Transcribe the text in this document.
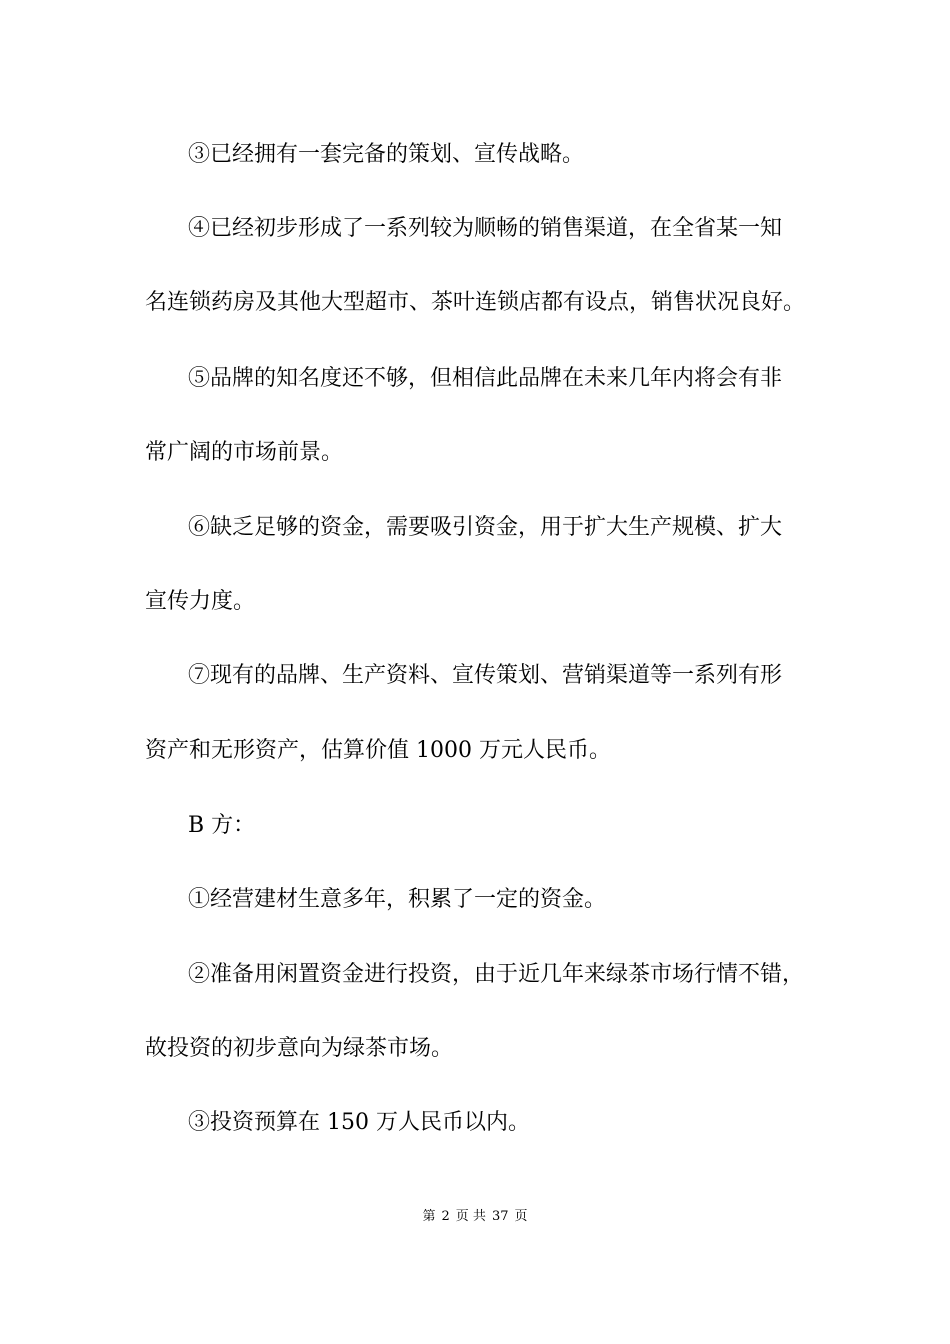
③已经拥有一套完备的策划、宣传战略。
④已经初步形成了一系列较为顺畅的销售渠道，在全省某一知
名连锁药房及其他大型超市、茶叶连锁店都有设点，销售状况良好。
⑤品牌的知名度还不够，但相信此品牌在未来几年内将会有非
常广阔的市场前景。
⑥缺乏足够的资金，需要吸引资金，用于扩大生产规模、扩大
宣传力度。
⑦现有的品牌、生产资料、宣传策划、营销渠道等一系列有形
资产和无形资产，估算价值 1000 万元人民币。
B 方：
①经营建材生意多年，积累了一定的资金。
②准备用闲置资金进行投资，由于近几年来绿茶市场行情不错，
故投资的初步意向为绿茶市场。
③投资预算在 150 万人民币以内。
第 2 页 共 37 页
